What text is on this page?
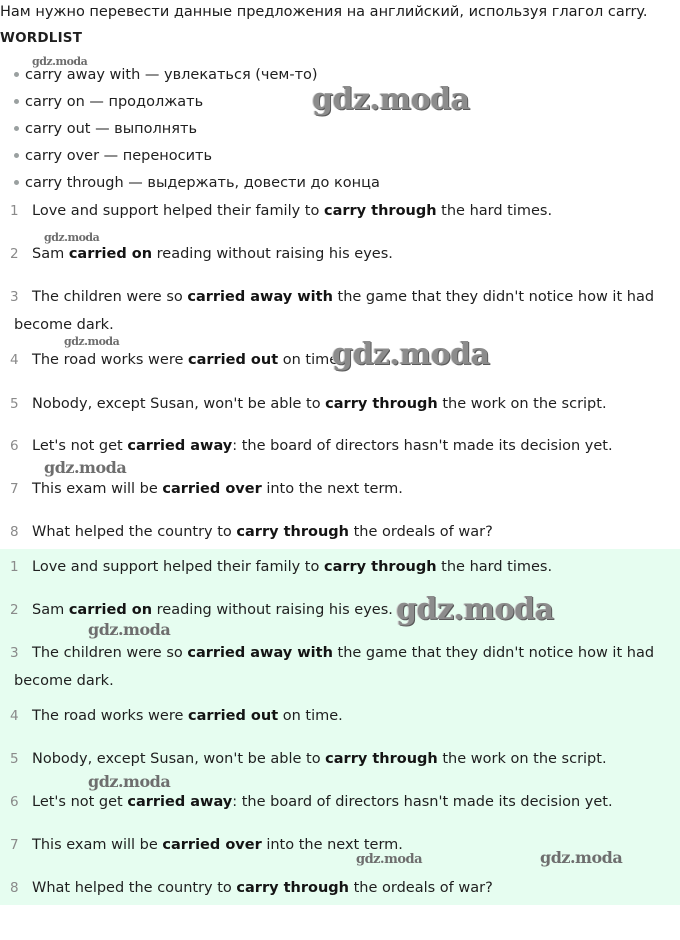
Нам нужно перевести данные предложения на английский, используя глагол carry.
WORDLIST
carry away with — увлекаться (чем-то)
carry on — продолжать
carry out — выполнять
carry over — переносить
carry through — выдержать, довести до конца
1 Love and support helped their family to carry through the hard times.
2 Sam carried on reading without raising his eyes.
3 The children were so carried away with the game that they didn't notice how it had
become dark.
4 The road works were carried out on time.
5 Nobody, except Susan, won't be able to carry through the work on the script.
6 Let's not get carried away: the board of directors hasn't made its decision yet.
7 This exam will be carried over into the next term.
8 What helped the country to carry through the ordeals of war?
1 Love and support helped their family to carry through the hard times.
2 Sam carried on reading without raising his eyes.
3 The children were so carried away with the game that they didn't notice how it had
become dark.
4 The road works were carried out on time.
5 Nobody, except Susan, won't be able to carry through the work on the script.
6 Let's not get carried away: the board of directors hasn't made its decision yet.
7 This exam will be carried over into the next term.
8 What helped the country to carry through the ordeals of war?
gdz.moda
gdz.moda
gdz.moda
gdz.moda	gdz.moda
gdz.moda
gdz.moda
gdz.moda
gdz.moda
gdz.moda	gdz.moda
